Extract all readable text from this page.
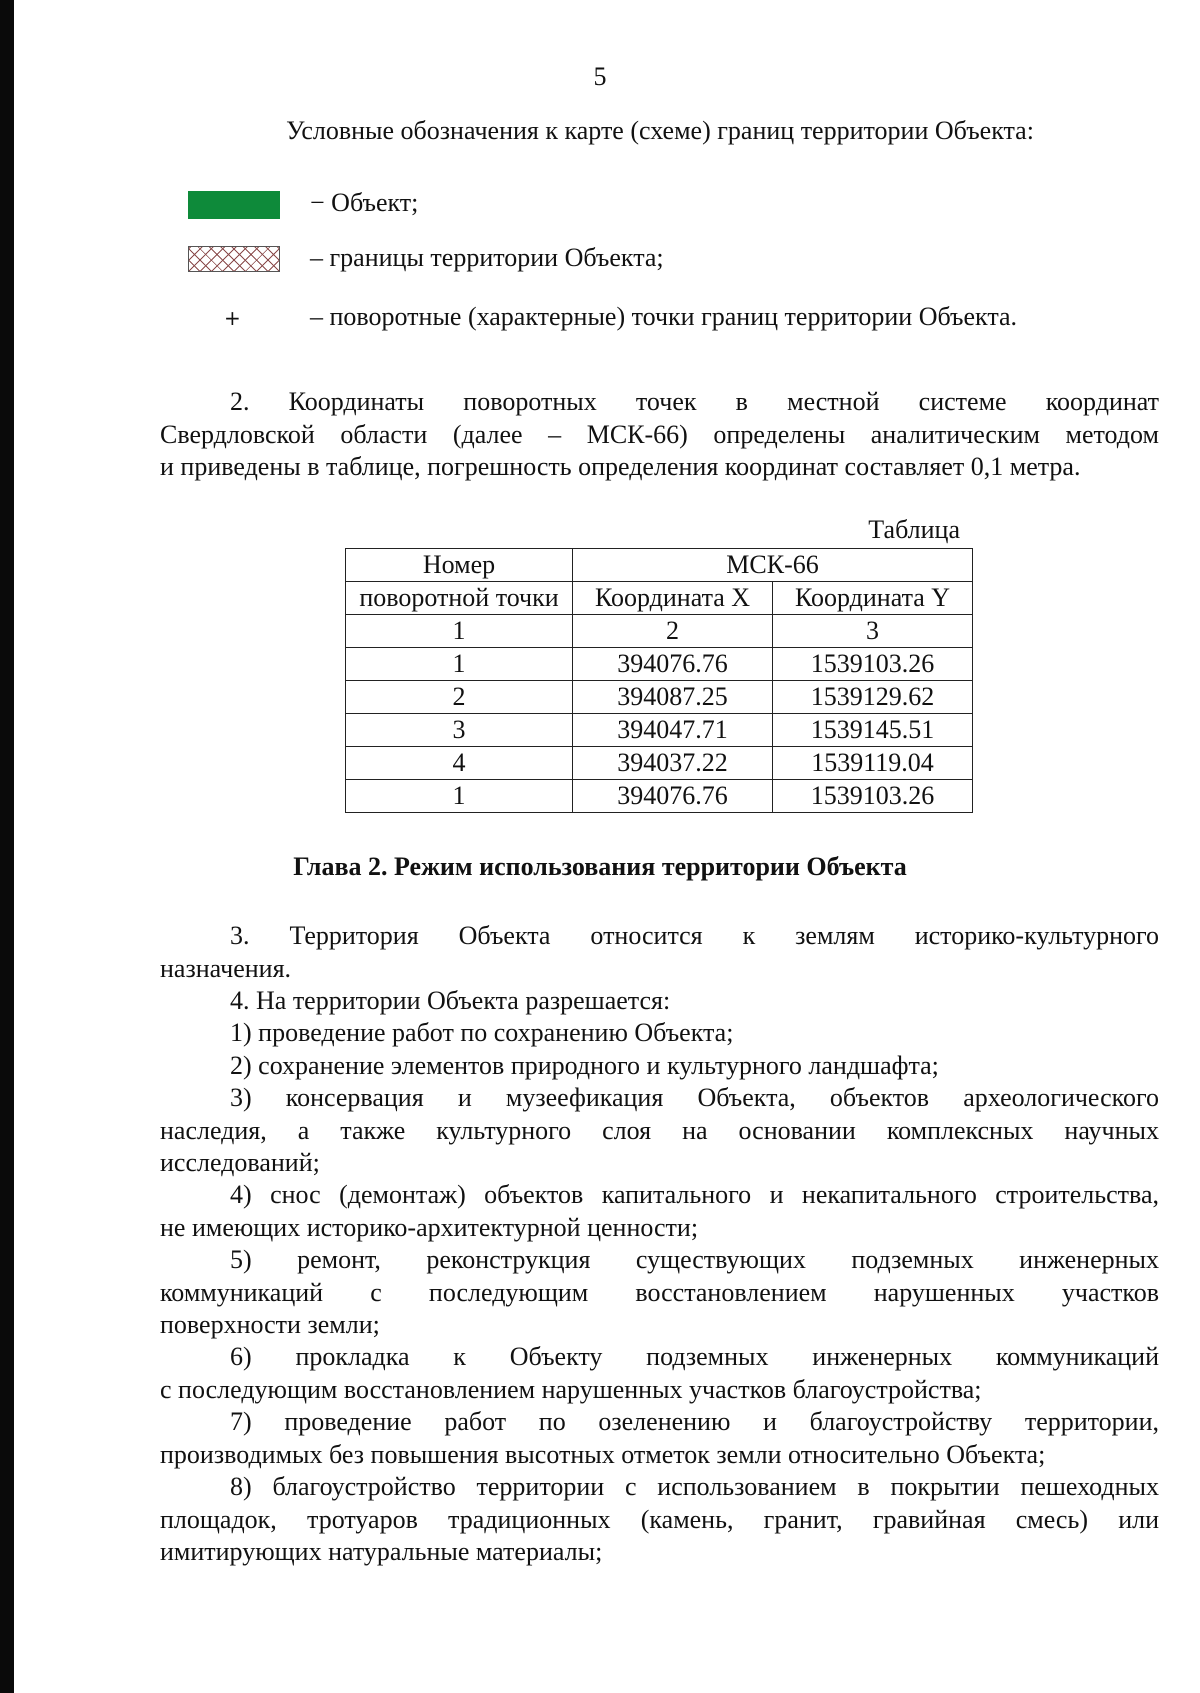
5
Условные обозначения к карте (схеме) границ территории Объекта:
− Объект;
– границы территории Объекта;
+	– поворотные (характерные) точки границ территории Объекта.
2. Координаты поворотных точек в местной системе координат
Свердловской области (далее – МСК-66) определены аналитическим методом
и приведены в таблице, погрешность определения координат составляет 0,1 метра.
Таблица
Номер	МСК-66	
поворотной точки	Координата X	Координата Y
1	2	3
1	394076.76	1539103.26
2	394087.25	1539129.62
3	394047.71	1539145.51
4	394037.22	1539119.04
1	394076.76	1539103.26
Глава 2. Режим использования территории Объекта
3. Территория Объекта относится к землям историко-культурного
назначения.
4. На территории Объекта разрешается:
1) проведение работ по сохранению Объекта;
2) сохранение элементов природного и культурного ландшафта;
3) консервация и музеефикация Объекта, объектов археологического
наследия, а также культурного слоя на основании комплексных научных
исследований;
4) снос (демонтаж) объектов капитального и некапитального строительства,
не имеющих историко-архитектурной ценности;
5) ремонт, реконструкция существующих подземных инженерных
коммуникаций с последующим восстановлением нарушенных участков
поверхности земли;
6) прокладка к Объекту подземных инженерных коммуникаций
с последующим восстановлением нарушенных участков благоустройства;
7) проведение работ по озеленению и благоустройству территории,
производимых без повышения высотных отметок земли относительно Объекта;
8) благоустройство территории с использованием в покрытии пешеходных
площадок, тротуаров традиционных (камень, гранит, гравийная смесь) или
имитирующих натуральные материалы;
